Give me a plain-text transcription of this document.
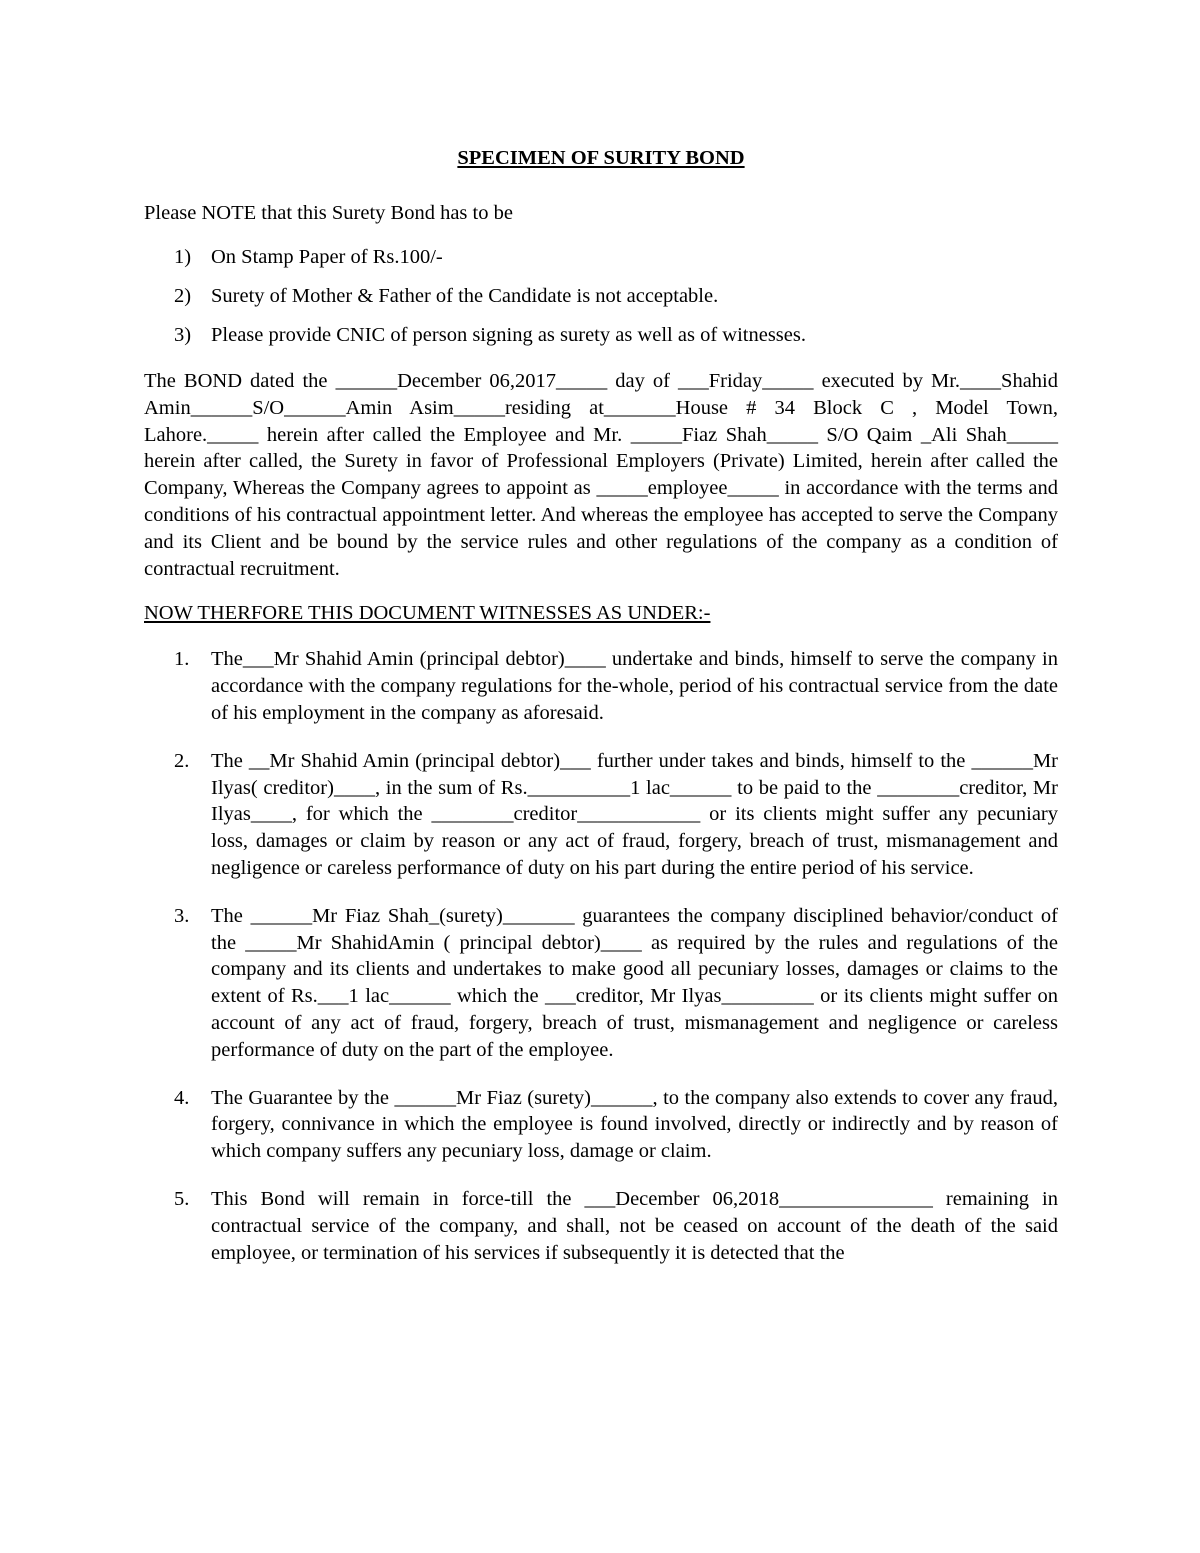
SPECIMEN OF SURITY BOND

Please NOTE that this Surety Bond has to be

1) On Stamp Paper of Rs.100/-
2) Surety of Mother & Father of the Candidate is not acceptable.
3) Please provide CNIC of person signing as surety as well as of witnesses.

The BOND dated the ______December 06,2017_____ day of ___Friday_____ executed by Mr.____Shahid Amin______S/O______Amin Asim_____residing at_______House # 34 Block C , Model Town, Lahore._____ herein after called the Employee and Mr. _____Fiaz Shah_____ S/O Qaim _Ali Shah_____ herein after called, the Surety in favor of Professional Employers (Private) Limited, herein after called the Company, Whereas the Company agrees to appoint as _____employee_____ in accordance with the terms and conditions of his contractual appointment letter. And whereas the employee has accepted to serve the Company and its Client and be bound by the service rules and other regulations of the company as a condition of contractual recruitment.

NOW THERFORE THIS DOCUMENT WITNESSES AS UNDER:-

1.	The___Mr Shahid Amin (principal debtor)____ undertake and binds, himself to serve the company in accordance with the company regulations for the-whole, period of his contractual service from the date of his employment in the company as aforesaid.
2.	The __Mr Shahid Amin (principal debtor)___ further under takes and binds, himself to the ______Mr Ilyas( creditor)____, in the sum of Rs.__________1 lac______ to be paid to the ________creditor, Mr Ilyas____, for which the ________creditor____________ or its clients might suffer any pecuniary loss, damages or claim by reason or any act of fraud, forgery, breach of trust, mismanagement and negligence or careless performance of duty on his part during the entire period of his service.
3.	The ______Mr Fiaz Shah_(surety)_______ guarantees the company disciplined behavior/conduct of the _____Mr ShahidAmin ( principal debtor)____ as required by the rules and regulations of the company and its clients and undertakes to make good all pecuniary losses, damages or claims to the extent of Rs.___1 lac______ which the ___creditor, Mr Ilyas_________ or its clients might suffer on account of any act of fraud, forgery, breach of trust, mismanagement and negligence or careless performance of duty on the part of the employee.
4.	The Guarantee by the ______Mr Fiaz (surety)______, to the company also extends to cover any fraud, forgery, connivance in which the employee is found involved, directly or indirectly and by reason of which company suffers any pecuniary loss, damage or claim.
5.	This Bond will remain in force-till the ___December 06,2018_______________ remaining in contractual service of the company, and shall, not be ceased on account of the death of the said employee, or termination of his services if subsequently it is detected that the
